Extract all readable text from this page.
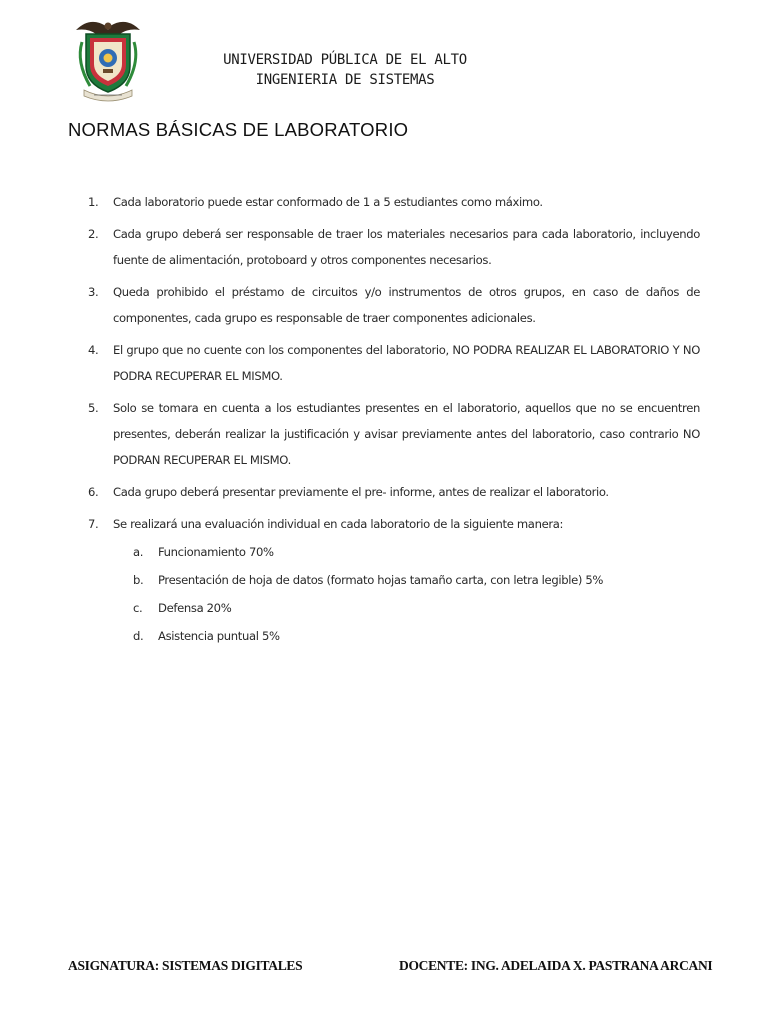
UNIVERSIDAD PÚBLICA DE EL ALTO
INGENIERIA DE SISTEMAS
NORMAS BÁSICAS DE LABORATORIO
1.	Cada laboratorio puede estar conformado de 1 a 5 estudiantes como máximo.
2.	Cada grupo deberá ser responsable de traer los materiales necesarios para cada laboratorio, incluyendo fuente de alimentación, protoboard y otros componentes necesarios.
3.	Queda prohibido el préstamo de circuitos y/o instrumentos de otros grupos, en caso de daños de componentes, cada grupo es responsable de traer componentes adicionales.
4.	El grupo que no cuente con los componentes del laboratorio, NO PODRA REALIZAR EL LABORATORIO Y NO PODRA RECUPERAR EL MISMO.
5.	Solo se tomara en cuenta a los estudiantes presentes en el laboratorio, aquellos que no se encuentren presentes, deberán realizar la justificación y avisar previamente antes del laboratorio, caso contrario NO PODRAN RECUPERAR EL MISMO.
6.	Cada grupo deberá presentar previamente el pre- informe, antes de realizar el laboratorio.
7.	Se realizará una evaluación individual en cada laboratorio de la siguiente manera:
a.	Funcionamiento 70%
b.	Presentación de hoja de datos (formato hojas tamaño carta, con letra legible) 5%
c.	Defensa 20%
d.	Asistencia puntual 5%
ASIGNATURA: SISTEMAS DIGITALES	DOCENTE: ING. ADELAIDA X. PASTRANA ARCANI
